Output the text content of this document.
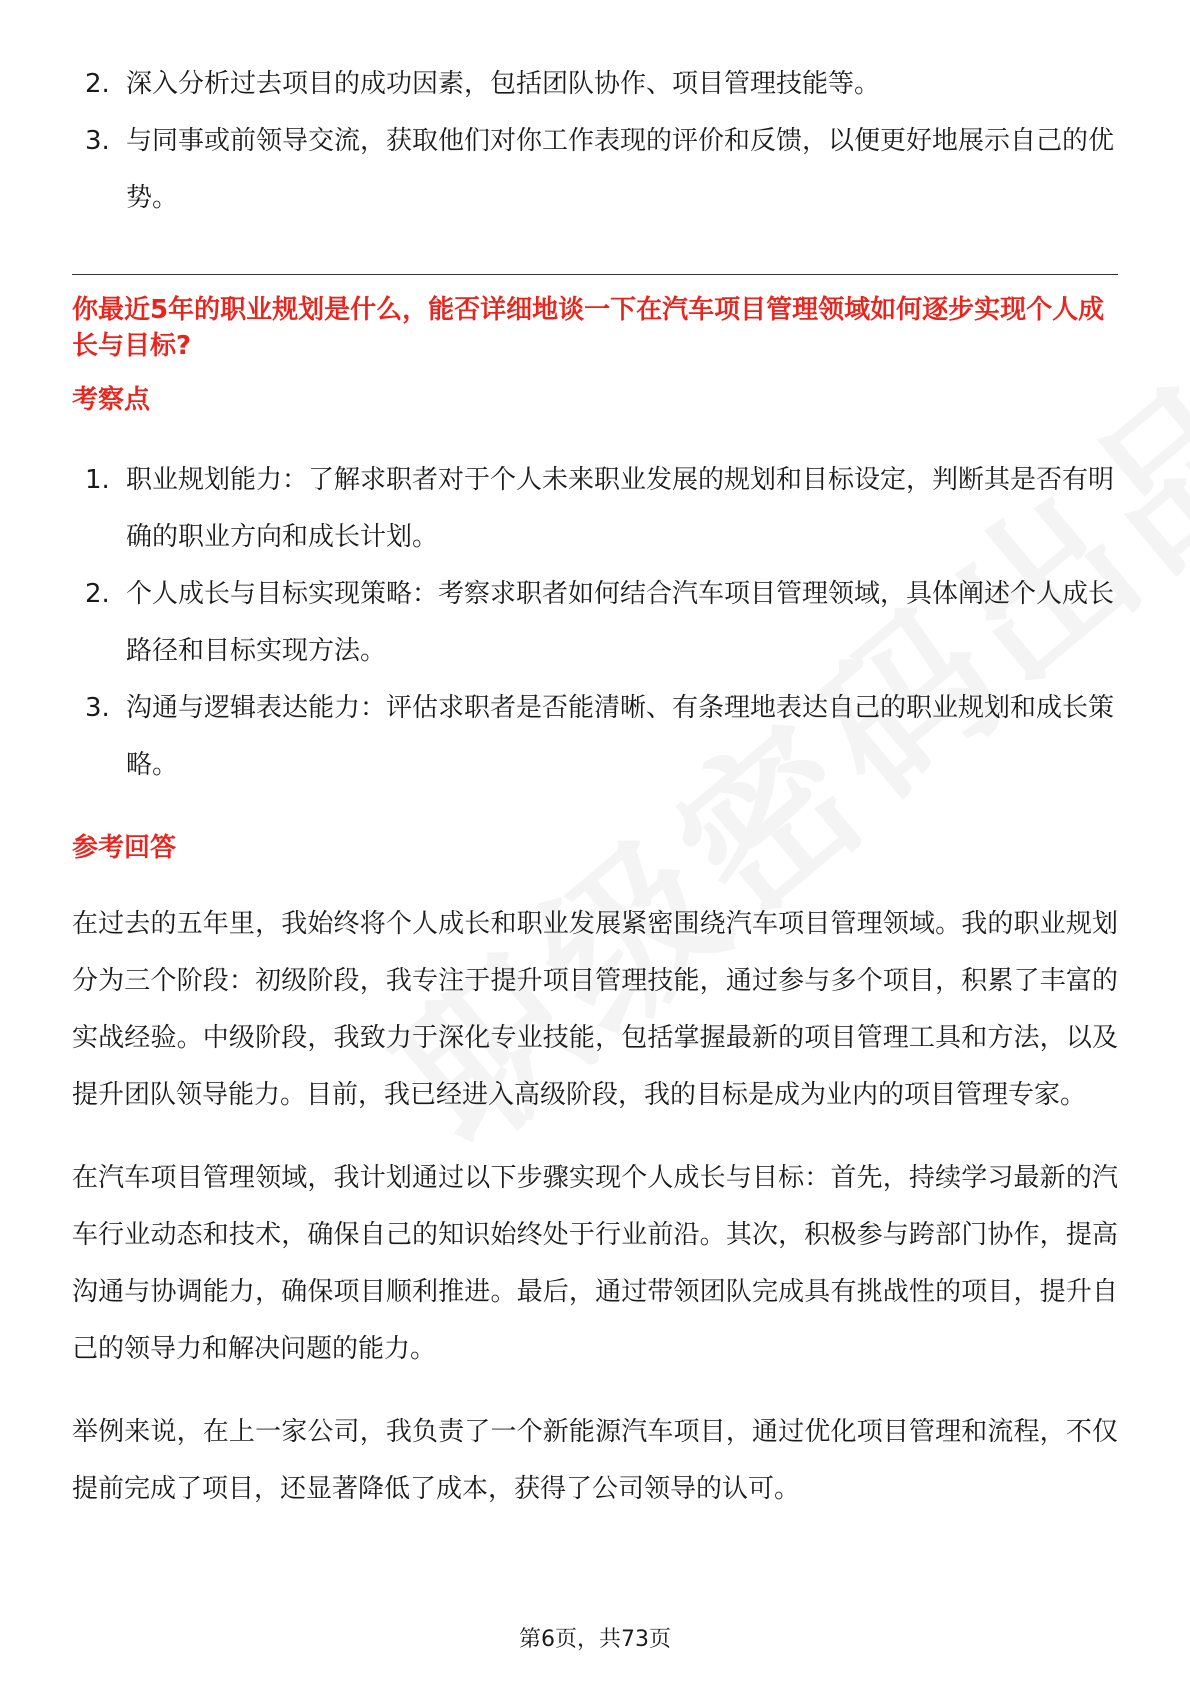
2. 深入分析过去项目的成功因素，包括团队协作、项目管理技能等。
3. 与同事或前领导交流，获取他们对你工作表现的评价和反馈，以便更好地展示自己的优势。

你最近5年的职业规划是什么，能否详细地谈一下在汽车项目管理领域如何逐步实现个人成长与目标?

考察点

1. 职业规划能力：了解求职者对于个人未来职业发展的规划和目标设定，判断其是否有明确的职业方向和成长计划。
2. 个人成长与目标实现策略：考察求职者如何结合汽车项目管理领域，具体阐述个人成长路径和目标实现方法。
3. 沟通与逻辑表达能力：评估求职者是否能清晰、有条理地表达自己的职业规划和成长策略。

参考回答

在过去的五年里，我始终将个人成长和职业发展紧密围绕汽车项目管理领域。我的职业规划分为三个阶段：初级阶段，我专注于提升项目管理技能，通过参与多个项目，积累了丰富的实战经验。中级阶段，我致力于深化专业技能，包括掌握最新的项目管理工具和方法，以及提升团队领导能力。目前，我已经进入高级阶段，我的目标是成为业内的项目管理专家。

在汽车项目管理领域，我计划通过以下步骤实现个人成长与目标：首先，持续学习最新的汽车行业动态和技术，确保自己的知识始终处于行业前沿。其次，积极参与跨部门协作，提高沟通与协调能力，确保项目顺利推进。最后，通过带领团队完成具有挑战性的项目，提升自己的领导力和解决问题的能力。

举例来说，在上一家公司，我负责了一个新能源汽车项目，通过优化项目管理和流程，不仅提前完成了项目，还显著降低了成本，获得了公司领导的认可。

第6页，共73页
